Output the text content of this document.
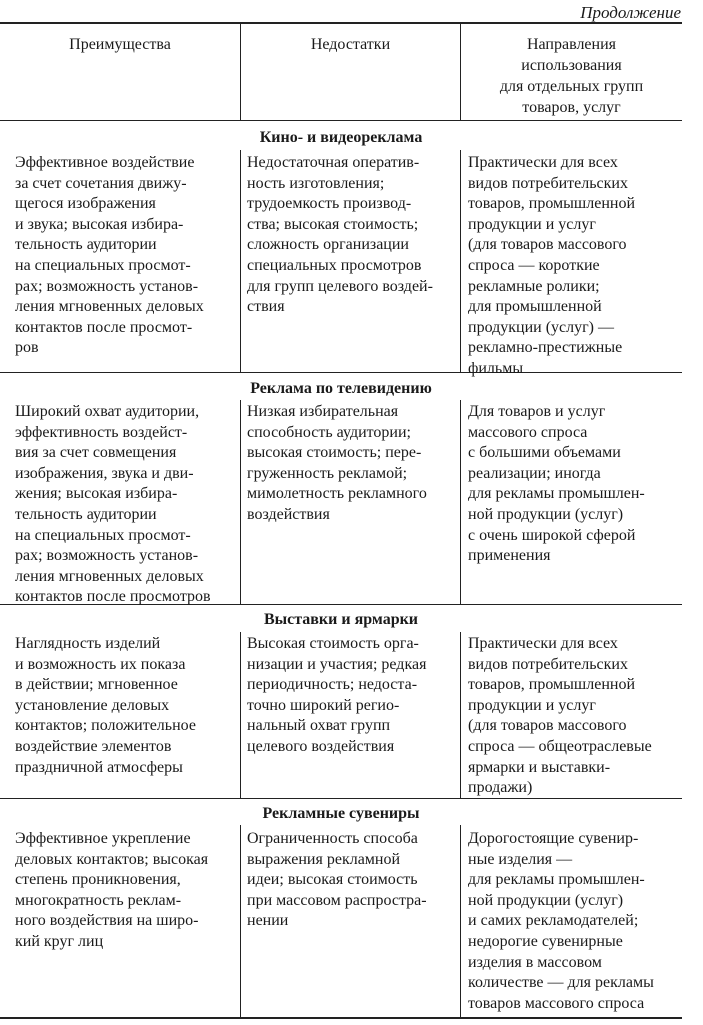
Продолжение
Преимущества	Недостатки	Направления
использования
для отдельных групп
товаров, услуг
Кино- и видеореклама
Эффективное воздействие
за счет сочетания движу-
щегося изображения
и звука; высокая избира-
тельность аудитории
на специальных просмот-
рах; возможность установ-
ления мгновенных деловых
контактов после просмот-
ров
Недостаточная оператив-
ность изготовления;
трудоемкость производ-
ства; высокая стоимость;
сложность организации
специальных просмотров
для групп целевого воздей-
ствия
Практически для всех
видов потребительских
товаров, промышленной
продукции и услуг
(для товаров массового
спроса — короткие
рекламные ролики;
для промышленной
продукции (услуг) —
рекламно-престижные
фильмы
Реклама по телевидению
Широкий охват аудитории,
эффективность воздейст-
вия за счет совмещения
изображения, звука и дви-
жения; высокая избира-
тельность аудитории
на специальных просмот-
рах; возможность установ-
ления мгновенных деловых
контактов после просмотров
Низкая избирательная
способность аудитории;
высокая стоимость; пере-
груженность рекламой;
мимолетность рекламного
воздействия
Для товаров и услуг
массового спроса
с большими объемами
реализации; иногда
для рекламы промышлен-
ной продукции (услуг)
с очень широкой сферой
применения
Выставки и ярмарки
Наглядность изделий
и возможность их показа
в действии; мгновенное
установление деловых
контактов; положительное
воздействие элементов
праздничной атмосферы
Высокая стоимость орга-
низации и участия; редкая
периодичность; недоста-
точно широкий регио-
нальный охват групп
целевого воздействия
Практически для всех
видов потребительских
товаров, промышленной
продукции и услуг
(для товаров массового
спроса — общеотраслевые
ярмарки и выставки-
продажи)
Рекламные сувениры
Эффективное укрепление
деловых контактов; высокая
степень проникновения,
многократность реклам-
ного воздействия на широ-
кий круг лиц
Ограниченность способа
выражения рекламной
идеи; высокая стоимость
при массовом распростра-
нении
Дорогостоящие сувенир-
ные изделия —
для рекламы промышлен-
ной продукции (услуг)
и самих рекламодателей;
недорогие сувенирные
изделия в массовом
количестве — для рекламы
товаров массового спроса
